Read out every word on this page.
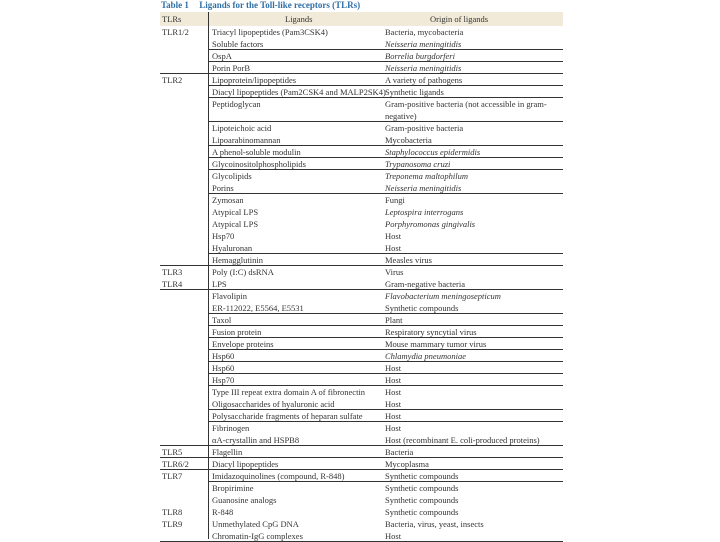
Table 1 Ligands for the Toll-like receptors (TLRs)
TLRs	Ligands	Origin of ligands
TLR1/2	Triacyl lipopeptides (Pam3CSK4)	Bacteria, mycobacteria
Soluble factors	Neisseria meningitidis
OspA	Borrelia burgdorferi
Porin PorB	Neisseria meningitidis
TLR2	Lipoprotein/lipopeptides	A variety of pathogens
Diacyl lipopeptides (Pam2CSK4 and MALP2SK4) Synthetic ligands
Peptidoglycan	Gram-positive bacteria (not accessible in gram-negative)
Lipoteichoic acid	Gram-positive bacteria
Lipoarabinomannan	Mycobacteria
A phenol-soluble modulin	Staphylococcus epidermidis
Glycoinositolphospholipids	Trypanosoma cruzi
Glycolipids	Treponema maltophilum
Porins	Neisseria meningitidis
Zymosan	Fungi
Atypical LPS	Leptospira interrogans
Atypical LPS	Porphyromonas gingivalis
Hsp70	Host
Hyaluronan	Host
Hemagglutinin	Measles virus
TLR3	Poly (I:C) dsRNA	Virus
TLR4	LPS	Gram-negative bacteria
Flavolipin	Flavobacterium meningosepticum
ER-112022, E5564, E5531	Synthetic compounds
Taxol	Plant
Fusion protein	Respiratory syncytial virus
Envelope proteins	Mouse mammary tumor virus
Hsp60	Chlamydia pneumoniae
Hsp60	Host
Hsp70	Host
Type III repeat extra domain A of fibronectin Host
Oligosaccharides of hyaluronic acid	Host
Polysaccharide fragments of heparan sulfate	Host
Fibrinogen	Host
αA-crystallin and HSPB8	Host (recombinant E. coli-produced proteins)
TLR5	Flagellin	Bacteria
TLR6/2	Diacyl lipopeptides	Mycoplasma
TLR7	Imidazoquinolines (compound, R-848)	Synthetic compounds
Bropirimine	Synthetic compounds
Guanosine analogs	Synthetic compounds
TLR8	R-848	Synthetic compounds
TLR9	Unmethylated CpG DNA	Bacteria, virus, yeast, insects
Chromatin-IgG complexes	Host
